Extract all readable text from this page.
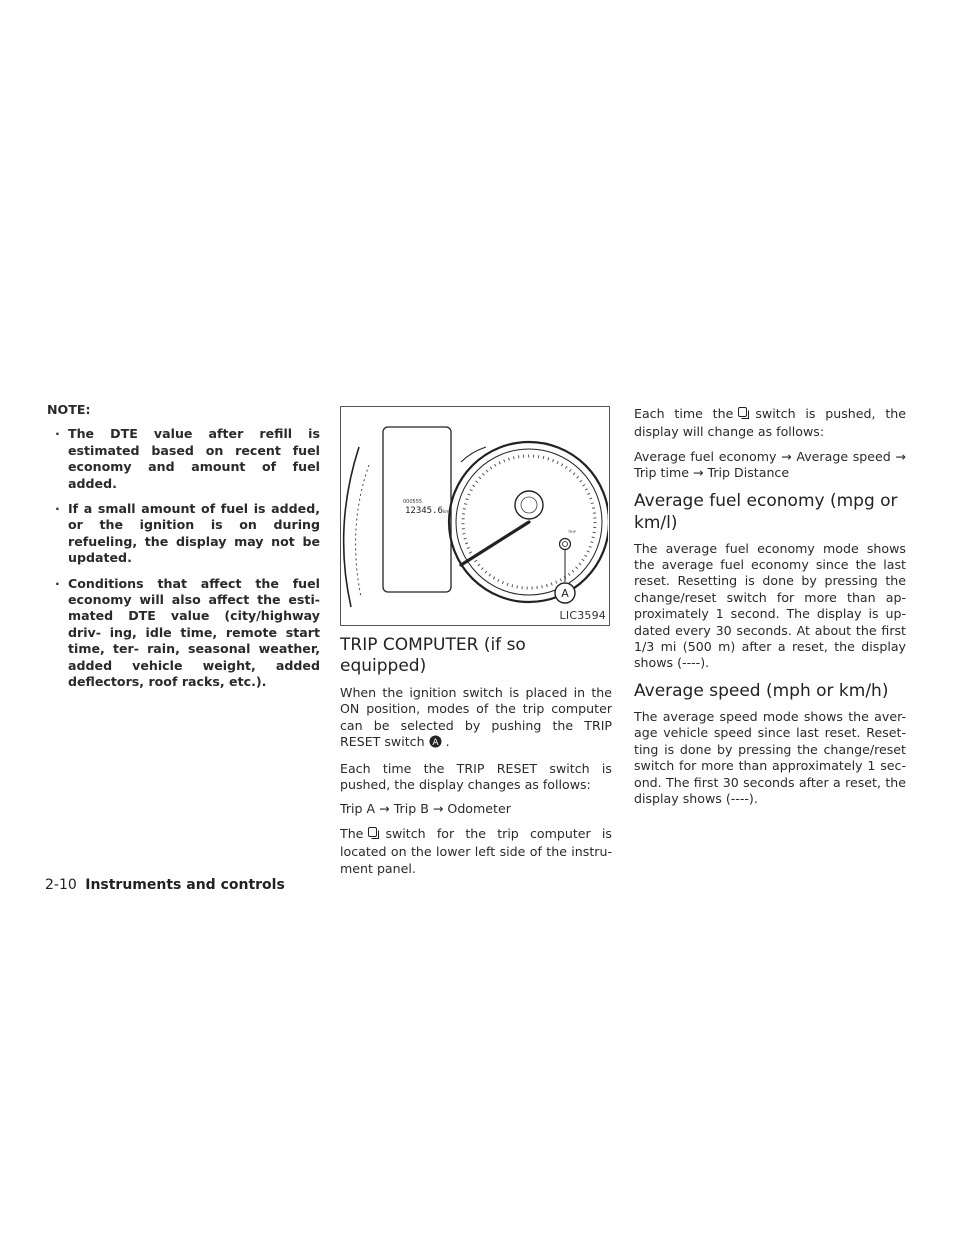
NOTE:
· The DTE value after refill is estimated based on recent fuel economy and amount of fuel added.
· If a small amount of fuel is added, or the ignition is on during refueling, the display may not be updated.
· Conditions that affect the fuel economy will also affect the esti- mated DTE value (city/highway driv- ing, idle time, remote start time, ter- rain, seasonal weather, added vehicle weight, added deflectors, roof racks, etc.).
000555
12345.6 km
TRIP
A
LIC3594
TRIP COMPUTER (if so equipped)

When the ignition switch is placed in the ON position, modes of the trip computer can be selected by pushing the TRIP RESET switch A .

Each time the TRIP RESET switch is pushed, the display changes as follows:

Trip A → Trip B → Odometer

The switch for the trip computer is located on the lower left side of the instru- ment panel.

Each time the switch is pushed, the display will change as follows:

Average fuel economy → Average speed → Trip time → Trip Distance

Average fuel economy (mpg or km/l)

The average fuel economy mode shows the average fuel economy since the last reset. Resetting is done by pressing the change/reset switch for more than ap- proximately 1 second. The display is up- dated every 30 seconds. At about the first 1/3 mi (500 m) after a reset, the display shows (----).

Average speed (mph or km/h)

The average speed mode shows the aver- age vehicle speed since last reset. Reset- ting is done by pressing the change/reset switch for more than approximately 1 sec- ond. The first 30 seconds after a reset, the display shows (----).

2-10 Instruments and controls
